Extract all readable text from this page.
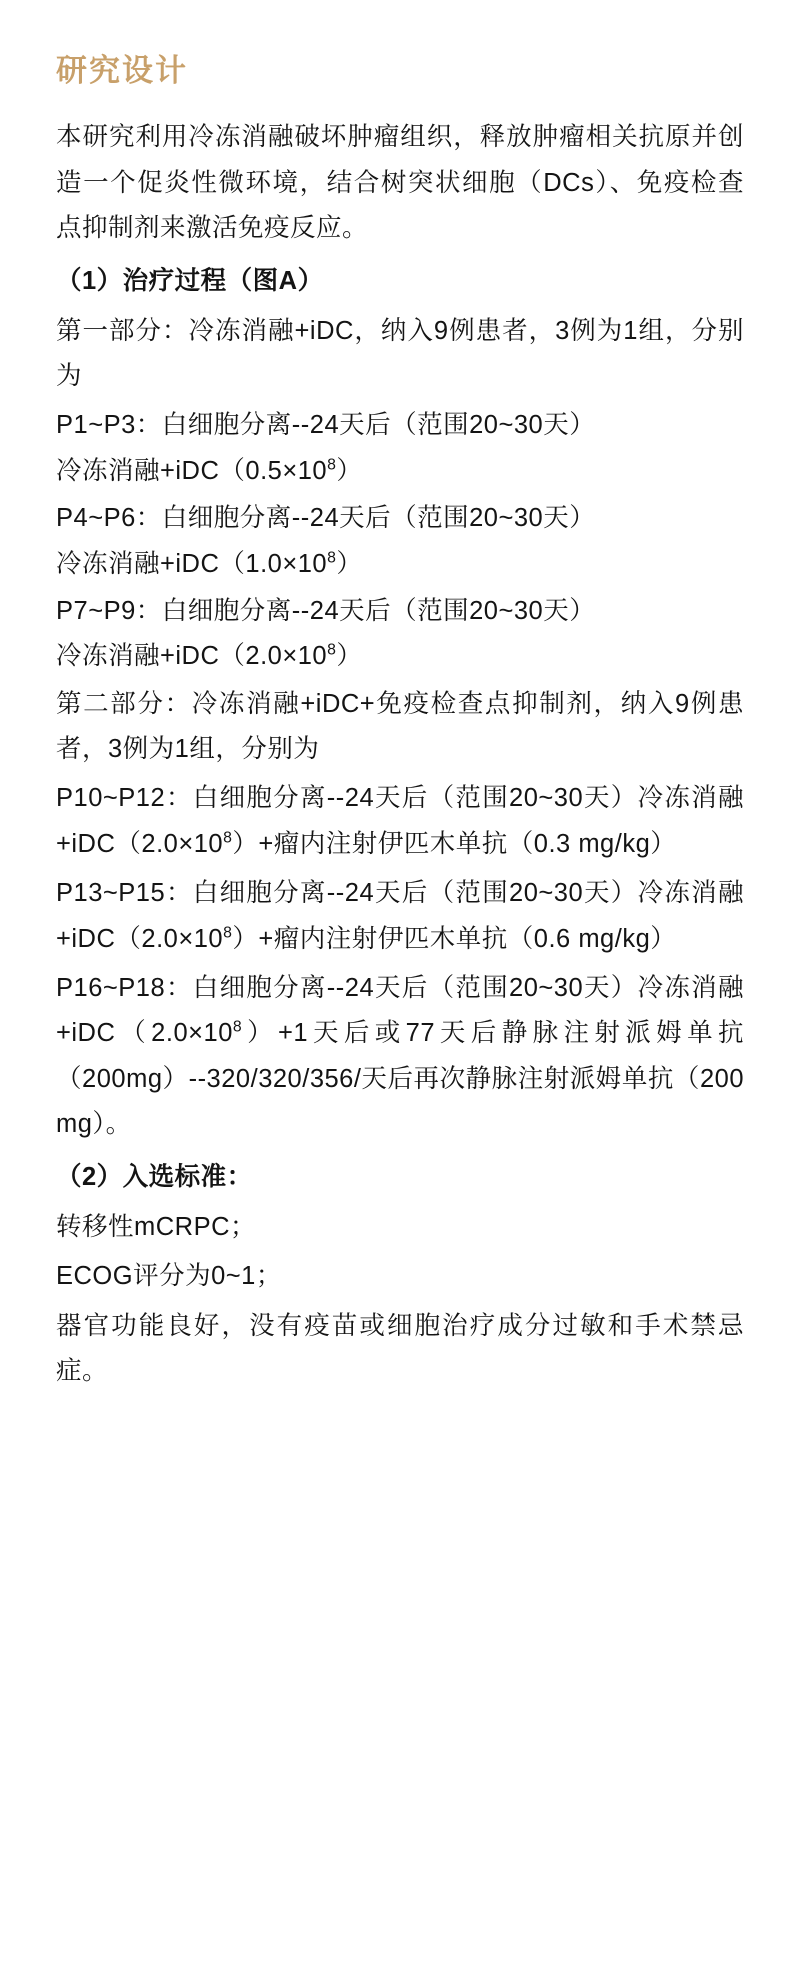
研究设计

本研究利用冷冻消融破坏肿瘤组织，释放肿瘤相关抗原并创造一个促炎性微环境，结合树突状细胞（DCs）、免疫检查点抑制剂来激活免疫反应。

（1）治疗过程（图A）

第一部分：冷冻消融+iDC，纳入9例患者，3例为1组，分别为

P1~P3：白细胞分离--24天后（范围20~30天）
冷冻消融$+iDC(0.5\times 10^8)$
P4~P6：白细胞分离--24天后（范围20~30天）
冷冻消融$+iDC(1.0\times 10^8)$
P7~P9：白细胞分离--24天后（范围20~30天）
冷冻消融$+iDC(2.0\times 10^8)$

第二部分：冷冻消融+iDC+免疫检查点抑制剂，纳入9例患者，3例为1组，分别为

P10~P12：白细胞分离--24天后（范围20~30天）冷冻消融$+iDC(2.0\times 10^8)+$瘤内注射伊匹木单抗（0.3 mg/kg）

P13~P15：白细胞分离--24天后（范围20~30天）冷冻消融$+iDC(2.0\times 10^8)+$瘤内注射伊匹木单抗（0.6 mg/kg）

P16~P18：白细胞分离--24天后（范围20~30天）冷冻消融$+iDC(2.0\times 10^8)+1$天后或77天后静脉注射派姆单抗（200mg）--320/320/356/天后再次静脉注射派姆单抗（200 mg）。

（2）入选标准：

转移性mCRPC；

ECOG评分为0~1；

器官功能良好，没有疫苗或细胞治疗成分过敏和手术禁忌症。
